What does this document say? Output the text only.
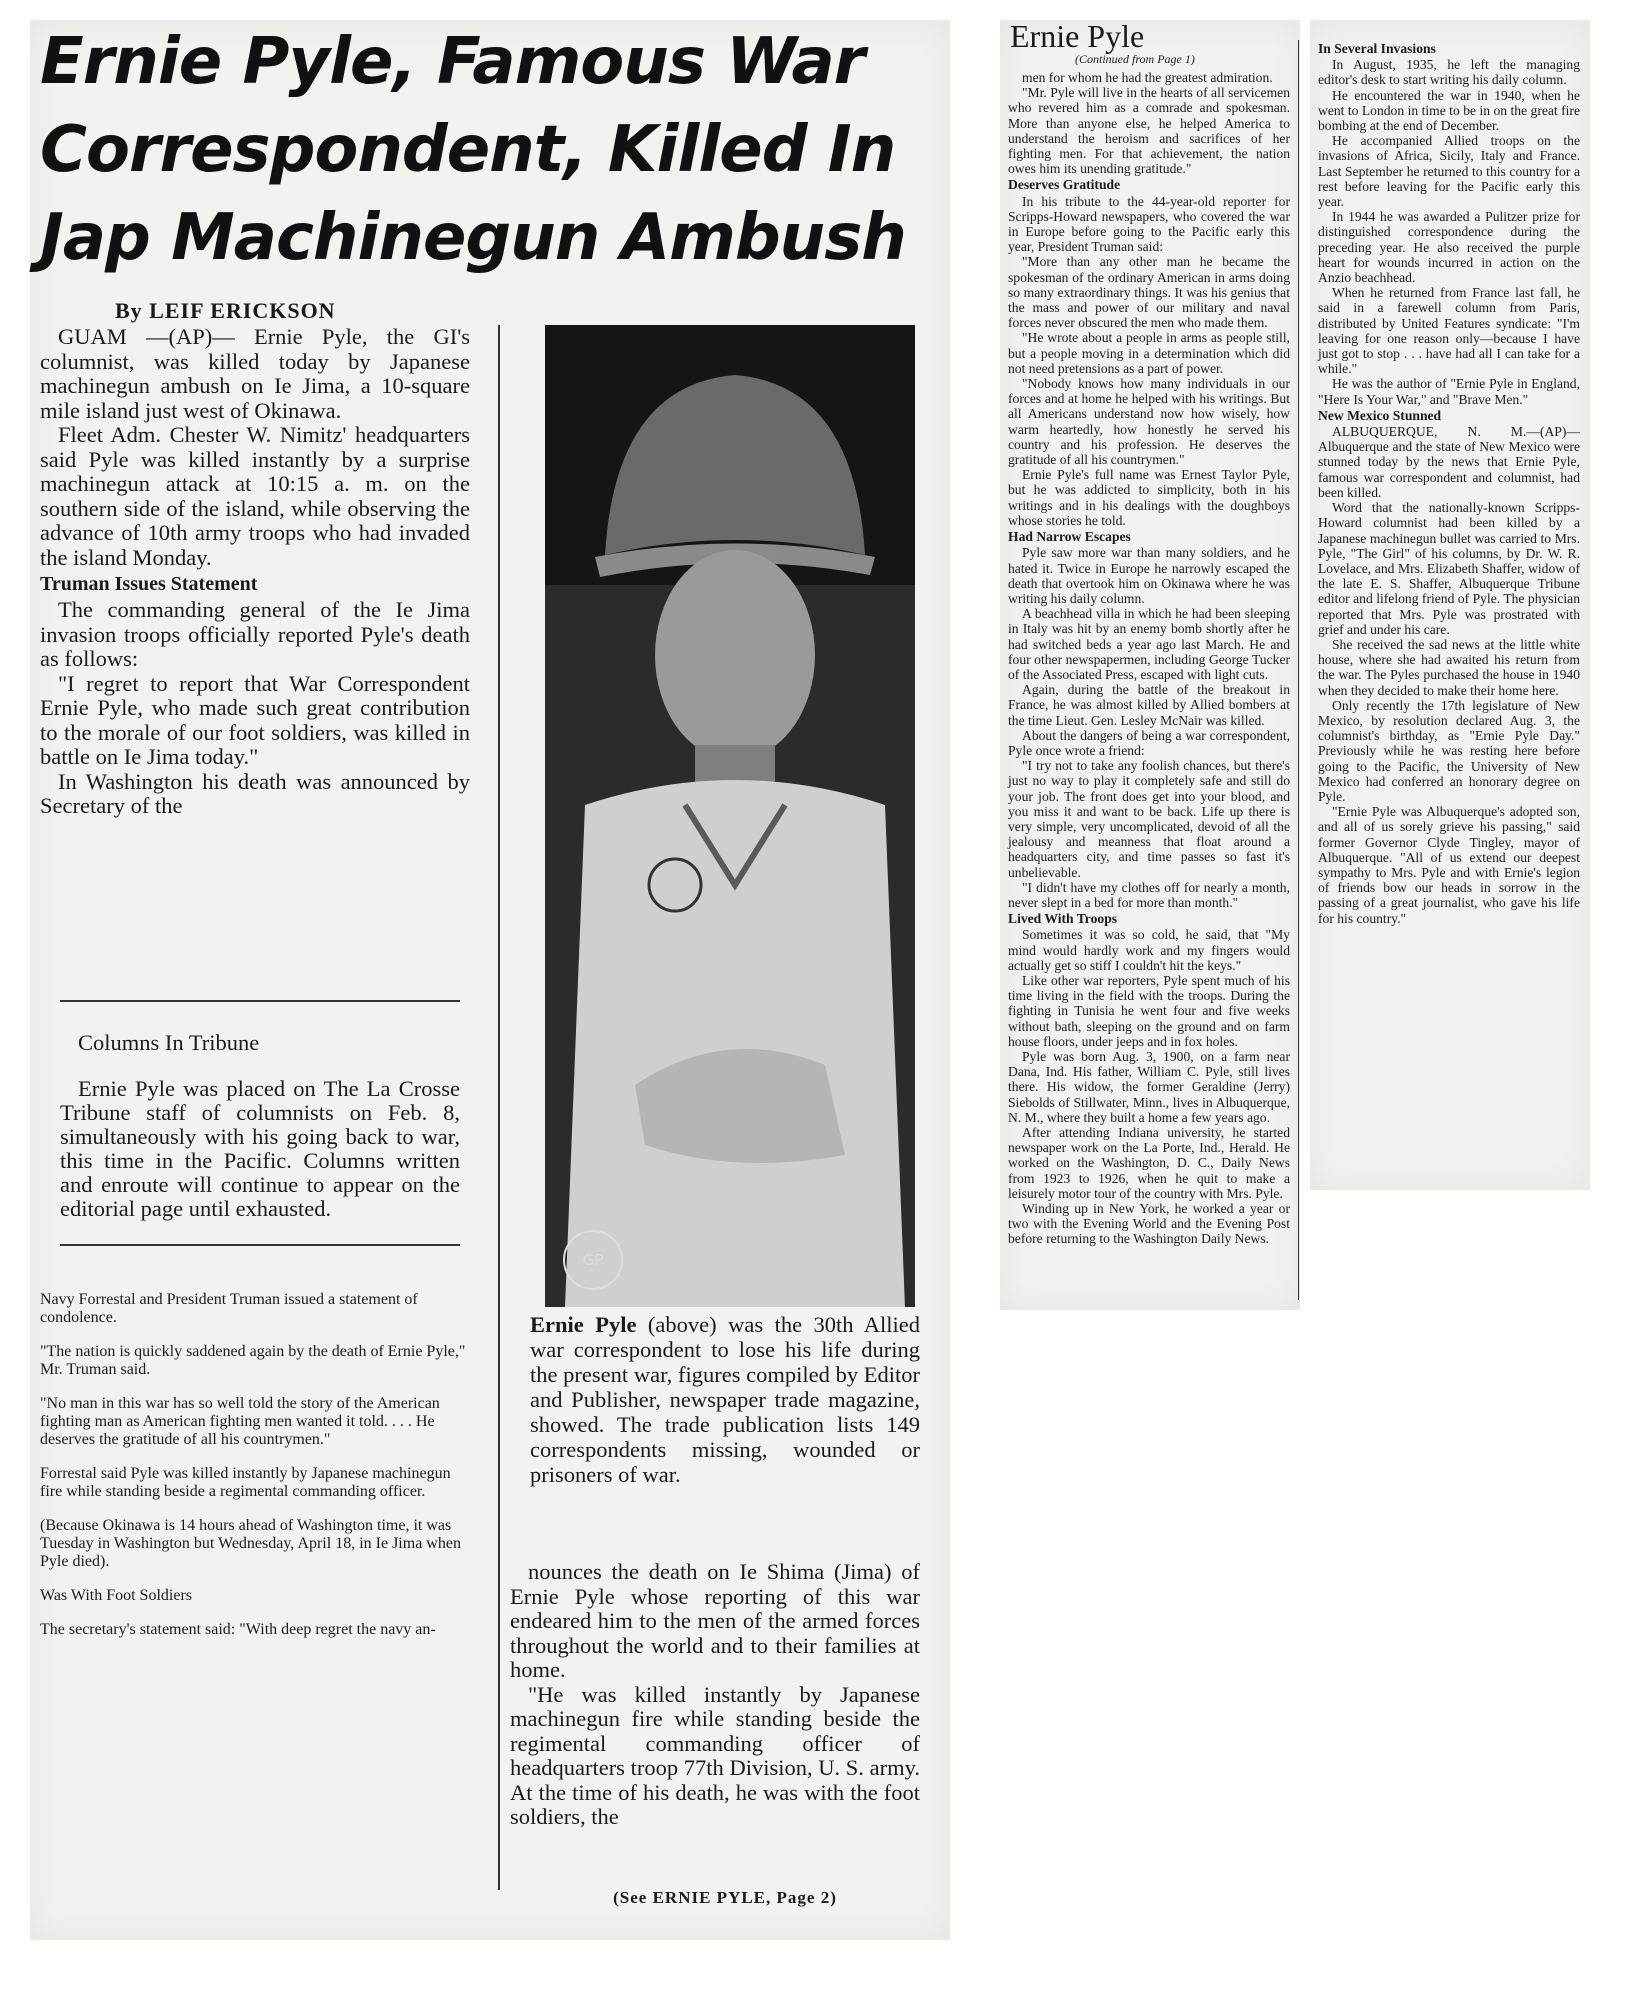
Ernie Pyle, Famous War
Correspondent, Killed In
Jap Machinegun Ambush
By LEIF ERICKSON

GUAM —(AP)— Ernie Pyle, the GI's columnist, was killed today by Japanese machinegun ambush on Ie Jima, a 10-square mile island just west of Okinawa.

Fleet Adm. Chester W. Nimitz' headquarters said Pyle was killed instantly by a surprise machinegun attack at 10:15 a. m. on the southern side of the island, while observing the advance of 10th army troops who had invaded the island Monday.

Truman Issues Statement

The commanding general of the Ie Jima invasion troops officially reported Pyle's death as follows:

"I regret to report that War Correspondent Ernie Pyle, who made such great contribution to the morale of our foot soldiers, was killed in battle on Ie Jima today."

In Washington his death was announced by Secretary of the

Columns In Tribune

Ernie Pyle was placed on The La Crosse Tribune staff of columnists on Feb. 8, simultaneously with his going back to war, this time in the Pacific. Columns written and enroute will continue to appear on the editorial page until exhausted.

Navy Forrestal and President Truman issued a statement of condolence.

"The nation is quickly saddened again by the death of Ernie Pyle," Mr. Truman said.

"No man in this war has so well told the story of the American fighting man as American fighting men wanted it told. . . . He deserves the gratitude of all his countrymen."

Forrestal said Pyle was killed instantly by Japanese machinegun fire while standing beside a regimental commanding officer.

(Because Okinawa is 14 hours ahead of Washington time, it was Tuesday in Washington but Wednesday, April 18, in Ie Jima when Pyle died).

Was With Foot Soldiers

The secretary's statement said: "With deep regret the navy an-

GP
Ernie Pyle (above) was the 30th Allied war correspondent to lose his life during the present war, figures compiled by Editor and Publisher, newspaper trade magazine, showed. The trade publication lists 149 correspondents missing, wounded or prisoners of war.

nounces the death on Ie Shima (Jima) of Ernie Pyle whose reporting of this war endeared him to the men of the armed forces throughout the world and to their families at home.

"He was killed instantly by Japanese machinegun fire while standing beside the regimental commanding officer of headquarters troop 77th Division, U. S. army. At the time of his death, he was with the foot soldiers, the

(See ERNIE PYLE, Page 2)
Ernie Pyle
(Continued from Page 1)

men for whom he had the greatest admiration.

"Mr. Pyle will live in the hearts of all servicemen who revered him as a comrade and spokesman. More than anyone else, he helped America to understand the heroism and sacrifices of her fighting men. For that achievement, the nation owes him its unending gratitude."

Deserves Gratitude

In his tribute to the 44-year-old reporter for Scripps-Howard newspapers, who covered the war in Europe before going to the Pacific early this year, President Truman said:

"More than any other man he became the spokesman of the ordinary American in arms doing so many extraordinary things. It was his genius that the mass and power of our military and naval forces never obscured the men who made them.

"He wrote about a people in arms as people still, but a people moving in a determination which did not need pretensions as a part of power.

"Nobody knows how many individuals in our forces and at home he helped with his writings. But all Americans understand now how wisely, how warm heartedly, how honestly he served his country and his profession. He deserves the gratitude of all his countrymen."

Ernie Pyle's full name was Ernest Taylor Pyle, but he was addicted to simplicity, both in his writings and in his dealings with the doughboys whose stories he told.

Had Narrow Escapes

Pyle saw more war than many soldiers, and he hated it. Twice in Europe he narrowly escaped the death that overtook him on Okinawa where he was writing his daily column.

A beachhead villa in which he had been sleeping in Italy was hit by an enemy bomb shortly after he had switched beds a year ago last March. He and four other newspapermen, including George Tucker of the Associated Press, escaped with light cuts.

Again, during the battle of the breakout in France, he was almost killed by Allied bombers at the time Lieut. Gen. Lesley McNair was killed.

About the dangers of being a war correspondent, Pyle once wrote a friend:

"I try not to take any foolish chances, but there's just no way to play it completely safe and still do your job. The front does get into your blood, and you miss it and want to be back. Life up there is very simple, very uncomplicated, devoid of all the jealousy and meanness that float around a headquarters city, and time passes so fast it's unbelievable.

"I didn't have my clothes off for nearly a month, never slept in a bed for more than month."

Lived With Troops

Sometimes it was so cold, he said, that "My mind would hardly work and my fingers would actually get so stiff I couldn't hit the keys."

Like other war reporters, Pyle spent much of his time living in the field with the troops. During the fighting in Tunisia he went four and five weeks without bath, sleeping on the ground and on farm house floors, under jeeps and in fox holes.

Pyle was born Aug. 3, 1900, on a farm near Dana, Ind. His father, William C. Pyle, still lives there. His widow, the former Geraldine (Jerry) Siebolds of Stillwater, Minn., lives in Albuquerque, N. M., where they built a home a few years ago.

After attending Indiana university, he started newspaper work on the La Porte, Ind., Herald. He worked on the Washington, D. C., Daily News from 1923 to 1926, when he quit to make a leisurely motor tour of the country with Mrs. Pyle.

Winding up in New York, he worked a year or two with the Evening World and the Evening Post before returning to the Washington Daily News.

In Several Invasions

In August, 1935, he left the managing editor's desk to start writing his daily column.

He encountered the war in 1940, when he went to London in time to be in on the great fire bombing at the end of December.

He accompanied Allied troops on the invasions of Africa, Sicily, Italy and France. Last September he returned to this country for a rest before leaving for the Pacific early this year.

In 1944 he was awarded a Pulitzer prize for distinguished correspondence during the preceding year. He also received the purple heart for wounds incurred in action on the Anzio beachhead.

When he returned from France last fall, he said in a farewell column from Paris, distributed by United Features syndicate: "I'm leaving for one reason only—because I have just got to stop . . . have had all I can take for a while."

He was the author of "Ernie Pyle in England, "Here Is Your War," and "Brave Men."

New Mexico Stunned

ALBUQUERQUE, N. M.—(AP)— Albuquerque and the state of New Mexico were stunned today by the news that Ernie Pyle, famous war correspondent and columnist, had been killed.

Word that the nationally-known Scripps-Howard columnist had been killed by a Japanese machinegun bullet was carried to Mrs. Pyle, "The Girl" of his columns, by Dr. W. R. Lovelace, and Mrs. Elizabeth Shaffer, widow of the late E. S. Shaffer, Albuquerque Tribune editor and lifelong friend of Pyle. The physician reported that Mrs. Pyle was prostrated with grief and under his care.

She received the sad news at the little white house, where she had awaited his return from the war. The Pyles purchased the house in 1940 when they decided to make their home here.

Only recently the 17th legislature of New Mexico, by resolution declared Aug. 3, the columnist's birthday, as "Ernie Pyle Day." Previously while he was resting here before going to the Pacific, the University of New Mexico had conferred an honorary degree on Pyle.

"Ernie Pyle was Albuquerque's adopted son, and all of us sorely grieve his passing," said former Governor Clyde Tingley, mayor of Albuquerque. "All of us extend our deepest sympathy to Mrs. Pyle and with Ernie's legion of friends bow our heads in sorrow in the passing of a great journalist, who gave his life for his country."
